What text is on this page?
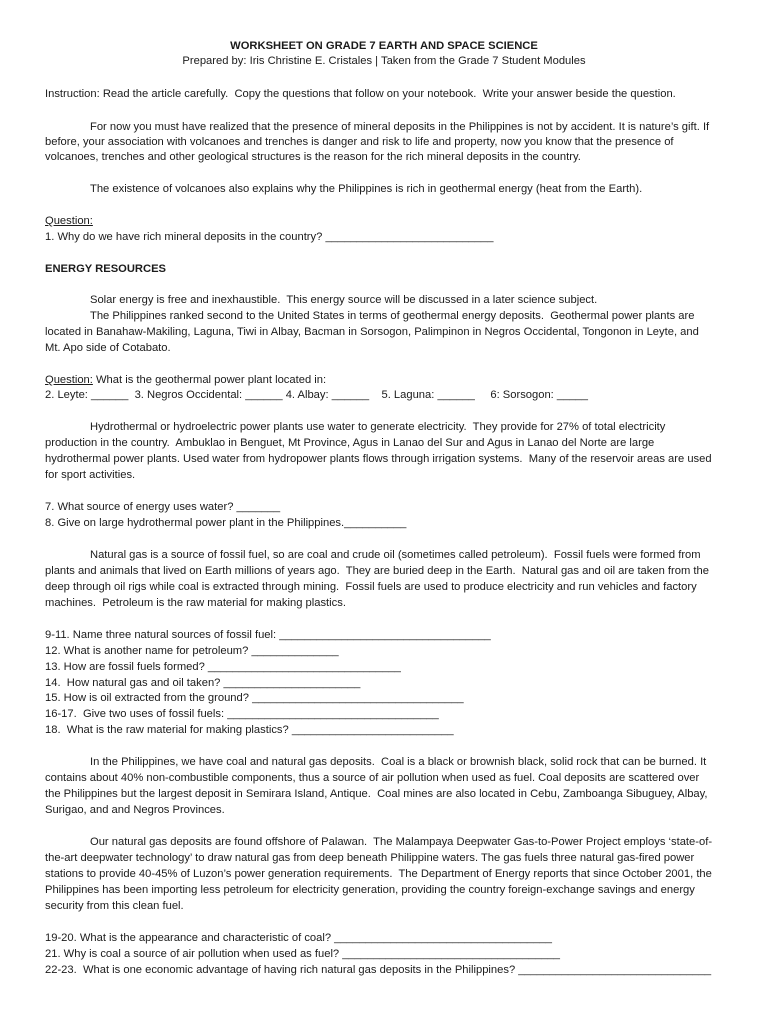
WORKSHEET ON GRADE 7 EARTH AND SPACE SCIENCE
Prepared by: Iris Christine E. Cristales | Taken from the Grade 7 Student Modules
Instruction: Read the article carefully.  Copy the questions that follow on your notebook.  Write your answer beside the question.
For now you must have realized that the presence of mineral deposits in the Philippines is not by accident. It is nature’s gift. If
before, your association with volcanoes and trenches is danger and risk to life and property, now you know that the presence of
volcanoes, trenches and other geological structures is the reason for the rich mineral deposits in the country.
The existence of volcanoes also explains why the Philippines is rich in geothermal energy (heat from the Earth).
Question:
1. Why do we have rich mineral deposits in the country? ___________________________
ENERGY RESOURCES
Solar energy is free and inexhaustible.  This energy source will be discussed in a later science subject.
The Philippines ranked second to the United States in terms of geothermal energy deposits.  Geothermal power plants are
located in Banahaw-Makiling, Laguna, Tiwi in Albay, Bacman in Sorsogon, Palimpinon in Negros Occidental, Tongonon in Leyte, and
Mt. Apo side of Cotabato.
Question: What is the geothermal power plant located in:
2. Leyte: ______  3. Negros Occidental: ______ 4. Albay: ______    5. Laguna: ______     6: Sorsogon: _____
Hydrothermal or hydroelectric power plants use water to generate electricity.  They provide for 27% of total electricity
production in the country.  Ambuklao in Benguet, Mt Province, Agus in Lanao del Sur and Agus in Lanao del Norte are large
hydrothermal power plants. Used water from hydropower plants flows through irrigation systems.  Many of the reservoir areas are used
for sport activities.
7. What source of energy uses water? _______
8. Give on large hydrothermal power plant in the Philippines.__________
Natural gas is a source of fossil fuel, so are coal and crude oil (sometimes called petroleum).  Fossil fuels were formed from
plants and animals that lived on Earth millions of years ago.  They are buried deep in the Earth.  Natural gas and oil are taken from the
deep through oil rigs while coal is extracted through mining.  Fossil fuels are used to produce electricity and run vehicles and factory
machines.  Petroleum is the raw material for making plastics.
9-11. Name three natural sources of fossil fuel: __________________________________
12. What is another name for petroleum? ______________
13. How are fossil fuels formed? _______________________________
14.  How natural gas and oil taken? ______________________
15. How is oil extracted from the ground? __________________________________
16-17.  Give two uses of fossil fuels: __________________________________
18.  What is the raw material for making plastics? __________________________
In the Philippines, we have coal and natural gas deposits.  Coal is a black or brownish black, solid rock that can be burned. It
contains about 40% non-combustible components, thus a source of air pollution when used as fuel. Coal deposits are scattered over
the Philippines but the largest deposit in Semirara Island, Antique.  Coal mines are also located in Cebu, Zamboanga Sibuguey, Albay,
Surigao, and and Negros Provinces.
Our natural gas deposits are found offshore of Palawan.  The Malampaya Deepwater Gas-to-Power Project employs ‘state-of-
the-art deepwater technology’ to draw natural gas from deep beneath Philippine waters. The gas fuels three natural gas-fired power
stations to provide 40-45% of Luzon’s power generation requirements.  The Department of Energy reports that since October 2001, the
Philippines has been importing less petroleum for electricity generation, providing the country foreign-exchange savings and energy
security from this clean fuel.
19-20. What is the appearance and characteristic of coal? ___________________________________
21. Why is coal a source of air pollution when used as fuel? ___________________________________
22-23.  What is one economic advantage of having rich natural gas deposits in the Philippines? _______________________________
